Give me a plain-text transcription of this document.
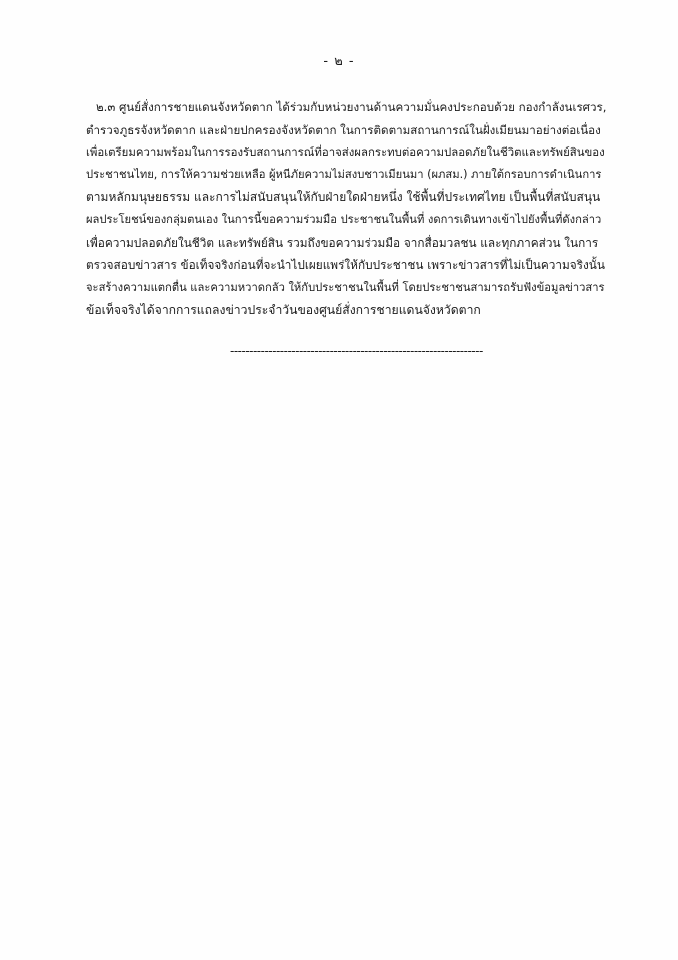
- ๒ -
๒.๓ ศูนย์สั่งการชายแดนจังหวัดตาก ได้ร่วมกับหน่วยงานด้านความมั่นคงประกอบด้วย กองกำลังนเรศวร,
ตำรวจภูธรจังหวัดตาก และฝ่ายปกครองจังหวัดตาก ในการติดตามสถานการณ์ในฝั่งเมียนมาอย่างต่อเนื่อง
เพื่อเตรียมความพร้อมในการรองรับสถานการณ์ที่อาจส่งผลกระทบต่อความปลอดภัยในชีวิตและทรัพย์สินของ
ประชาชนไทย, การให้ความช่วยเหลือ ผู้หนีภัยความไม่สงบชาวเมียนมา (ผภสม.) ภายใต้กรอบการดำเนินการ
ตามหลักมนุษยธรรม และการไม่สนับสนุนให้กับฝ่ายใดฝ่ายหนึ่ง ใช้พื้นที่ประเทศไทย เป็นพื้นที่สนับสนุน
ผลประโยชน์ของกลุ่มตนเอง ในการนี้ขอความร่วมมือ ประชาชนในพื้นที่ งดการเดินทางเข้าไปยังพื้นที่ดังกล่าว
เพื่อความปลอดภัยในชีวิต และทรัพย์สิน รวมถึงขอความร่วมมือ จากสื่อมวลชน และทุกภาคส่วน ในการ
ตรวจสอบข่าวสาร ข้อเท็จจริงก่อนที่จะนำไปเผยแพร่ให้กับประชาชน เพราะข่าวสารที่ไม่เป็นความจริงนั้น
จะสร้างความแตกตื่น และความหวาดกลัว ให้กับประชาชนในพื้นที่ โดยประชาชนสามารถรับฟังข้อมูลข่าวสาร
ข้อเท็จจริงได้จากการแถลงข่าวประจำวันของศูนย์สั่งการชายแดนจังหวัดตาก
------------------------------------------------------------------
